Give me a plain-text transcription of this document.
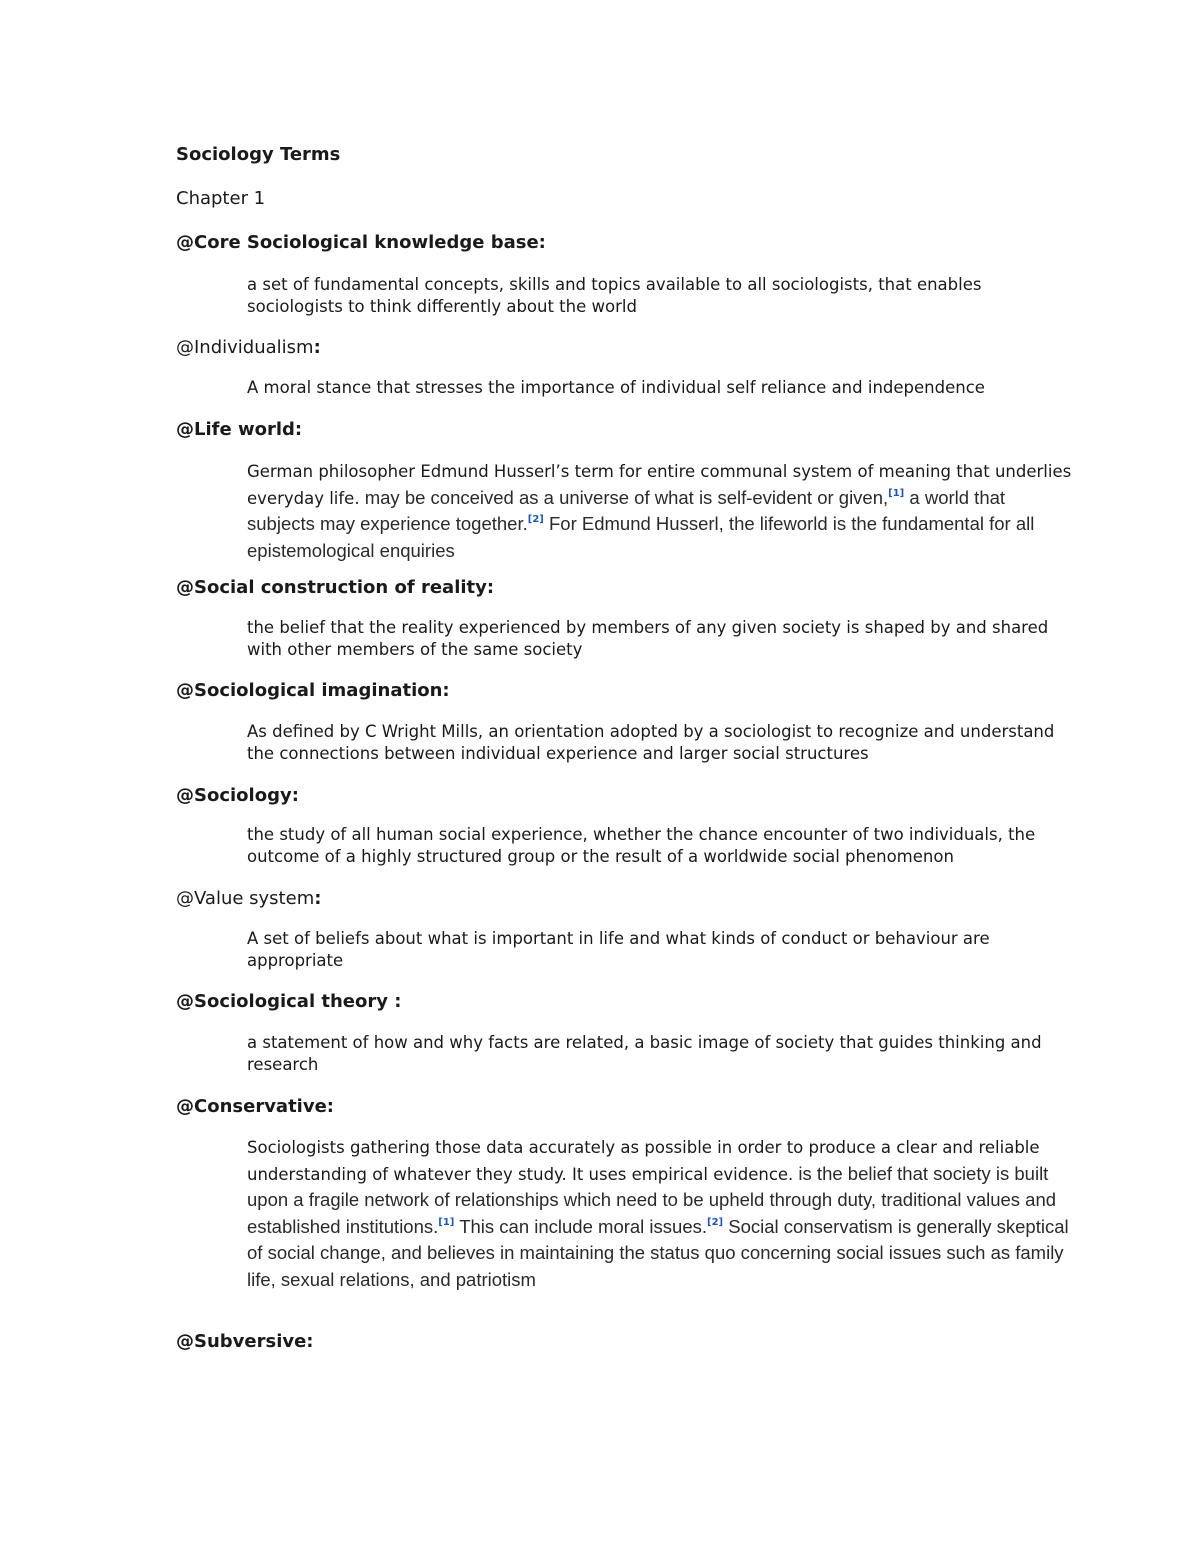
Sociology Terms
Chapter 1
@Core Sociological knowledge base:
a set of fundamental concepts, skills and topics available to all sociologists, that enables sociologists to think differently about the world
@Individualism:
A moral stance that stresses the importance of individual self reliance and independence
@Life world:
German philosopher Edmund Husserl’s term for entire communal system of meaning that underlies everyday life. may be conceived as a universe of what is self-evident or given,[1] a world that subjects may experience together.[2] For Edmund Husserl, the lifeworld is the fundamental for all epistemological enquiries
@Social construction of reality:
the belief that the reality experienced by members of any given society is shaped by and shared with other members of the same society
@Sociological imagination:
As defined by C Wright Mills, an orientation adopted by a sociologist to recognize and understand the connections between individual experience and larger social structures
@Sociology:
the study of all human social experience, whether the chance encounter of two individuals, the outcome of a highly structured group or the result of a worldwide social phenomenon
@Value system:
A set of beliefs about what is important in life and what kinds of conduct or behaviour are appropriate
@Sociological theory :
a statement of how and why facts are related, a basic image of society that guides thinking and research
@Conservative:
Sociologists gathering those data accurately as possible in order to produce a clear and reliable understanding of whatever they study. It uses empirical evidence. is the belief that society is built upon a fragile network of relationships which need to be upheld through duty, traditional values and established institutions.[1] This can include moral issues.[2] Social conservatism is generally skeptical of social change, and believes in maintaining the status quo concerning social issues such as family life, sexual relations, and patriotism
@Subversive:
